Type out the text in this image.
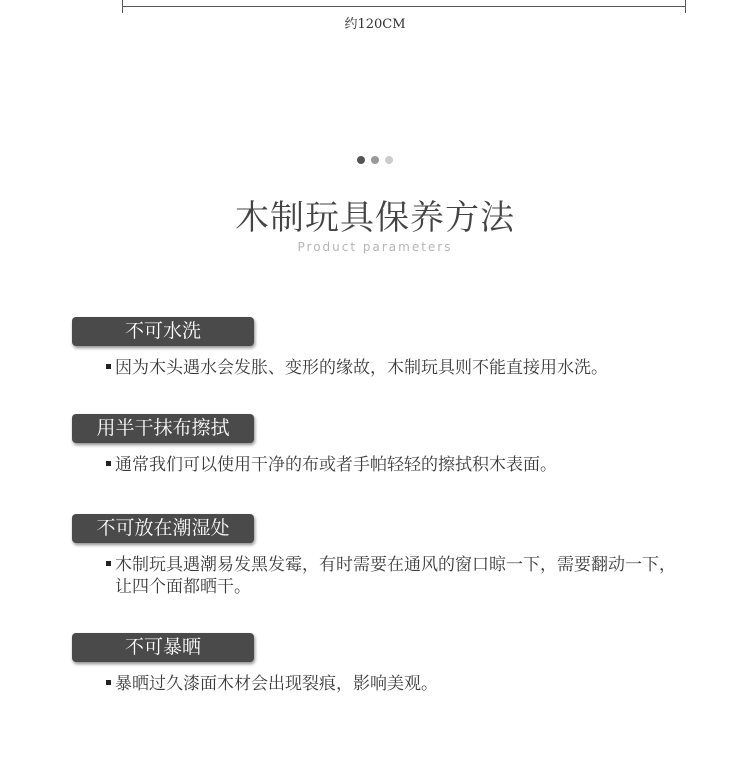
约120CM
木制玩具保养方法
Product parameters
不可水洗
因为木头遇水会发胀、变形的缘故，木制玩具则不能直接用水洗。
用半干抹布擦拭
通常我们可以使用干净的布或者手帕轻轻的擦拭积木表面。
不可放在潮湿处
木制玩具遇潮易发黑发霉，有时需要在通风的窗口晾一下，需要翻动一下，让四个面都晒干。
不可暴晒
暴晒过久漆面木材会出现裂痕，影响美观。
